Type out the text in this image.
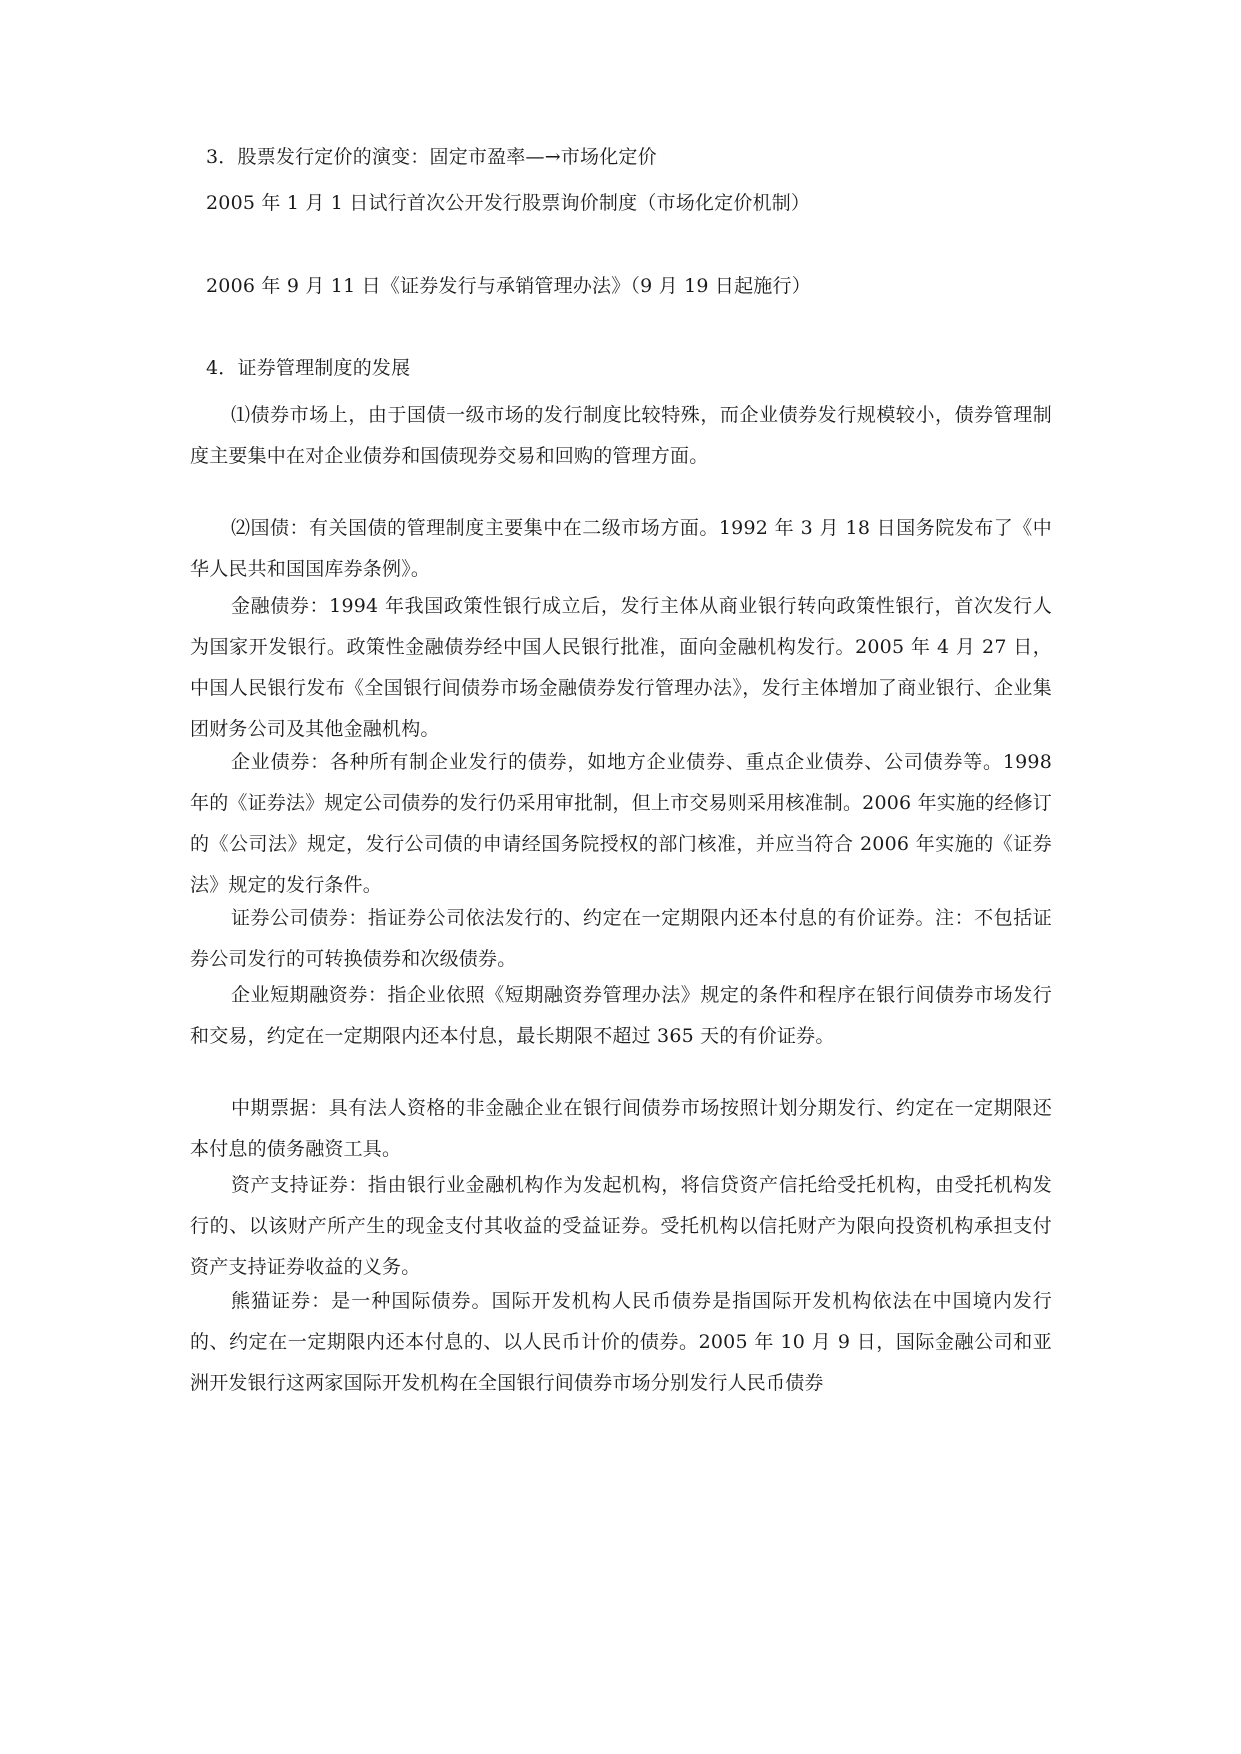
3．股票发行定价的演变：固定市盈率—→市场化定价
2005 年 1 月 1 日试行首次公开发行股票询价制度（市场化定价机制）
2006 年 9 月 11 日《证券发行与承销管理办法》（9 月 19 日起施行）
4．证券管理制度的发展
⑴债券市场上，由于国债一级市场的发行制度比较特殊，而企业债券发行规模较小，债券管理制度主要集中在对企业债券和国债现券交易和回购的管理方面。
⑵国债：有关国债的管理制度主要集中在二级市场方面。1992 年 3 月 18 日国务院发布了《中华人民共和国国库券条例》。
金融债券：1994 年我国政策性银行成立后，发行主体从商业银行转向政策性银行，首次发行人为国家开发银行。政策性金融债券经中国人民银行批准，面向金融机构发行。2005 年 4 月 27 日，中国人民银行发布《全国银行间债券市场金融债券发行管理办法》，发行主体增加了商业银行、企业集团财务公司及其他金融机构。
企业债券：各种所有制企业发行的债券，如地方企业债券、重点企业债券、公司债券等。1998 年的《证券法》规定公司债券的发行仍采用审批制，但上市交易则采用核准制。2006 年实施的经修订的《公司法》规定，发行公司债的申请经国务院授权的部门核准，并应当符合 2006 年实施的《证券法》规定的发行条件。
证券公司债券：指证券公司依法发行的、约定在一定期限内还本付息的有价证券。注：不包括证券公司发行的可转换债券和次级债券。
企业短期融资券：指企业依照《短期融资券管理办法》规定的条件和程序在银行间债券市场发行和交易，约定在一定期限内还本付息，最长期限不超过 365 天的有价证券。
中期票据：具有法人资格的非金融企业在银行间债券市场按照计划分期发行、约定在一定期限还本付息的债务融资工具。
资产支持证券：指由银行业金融机构作为发起机构，将信贷资产信托给受托机构，由受托机构发行的、以该财产所产生的现金支付其收益的受益证券。受托机构以信托财产为限向投资机构承担支付资产支持证券收益的义务。
熊猫证券：是一种国际债券。国际开发机构人民币债券是指国际开发机构依法在中国境内发行的、约定在一定期限内还本付息的、以人民币计价的债券。2005 年 10 月 9 日，国际金融公司和亚洲开发银行这两家国际开发机构在全国银行间债券市场分别发行人民币债券
